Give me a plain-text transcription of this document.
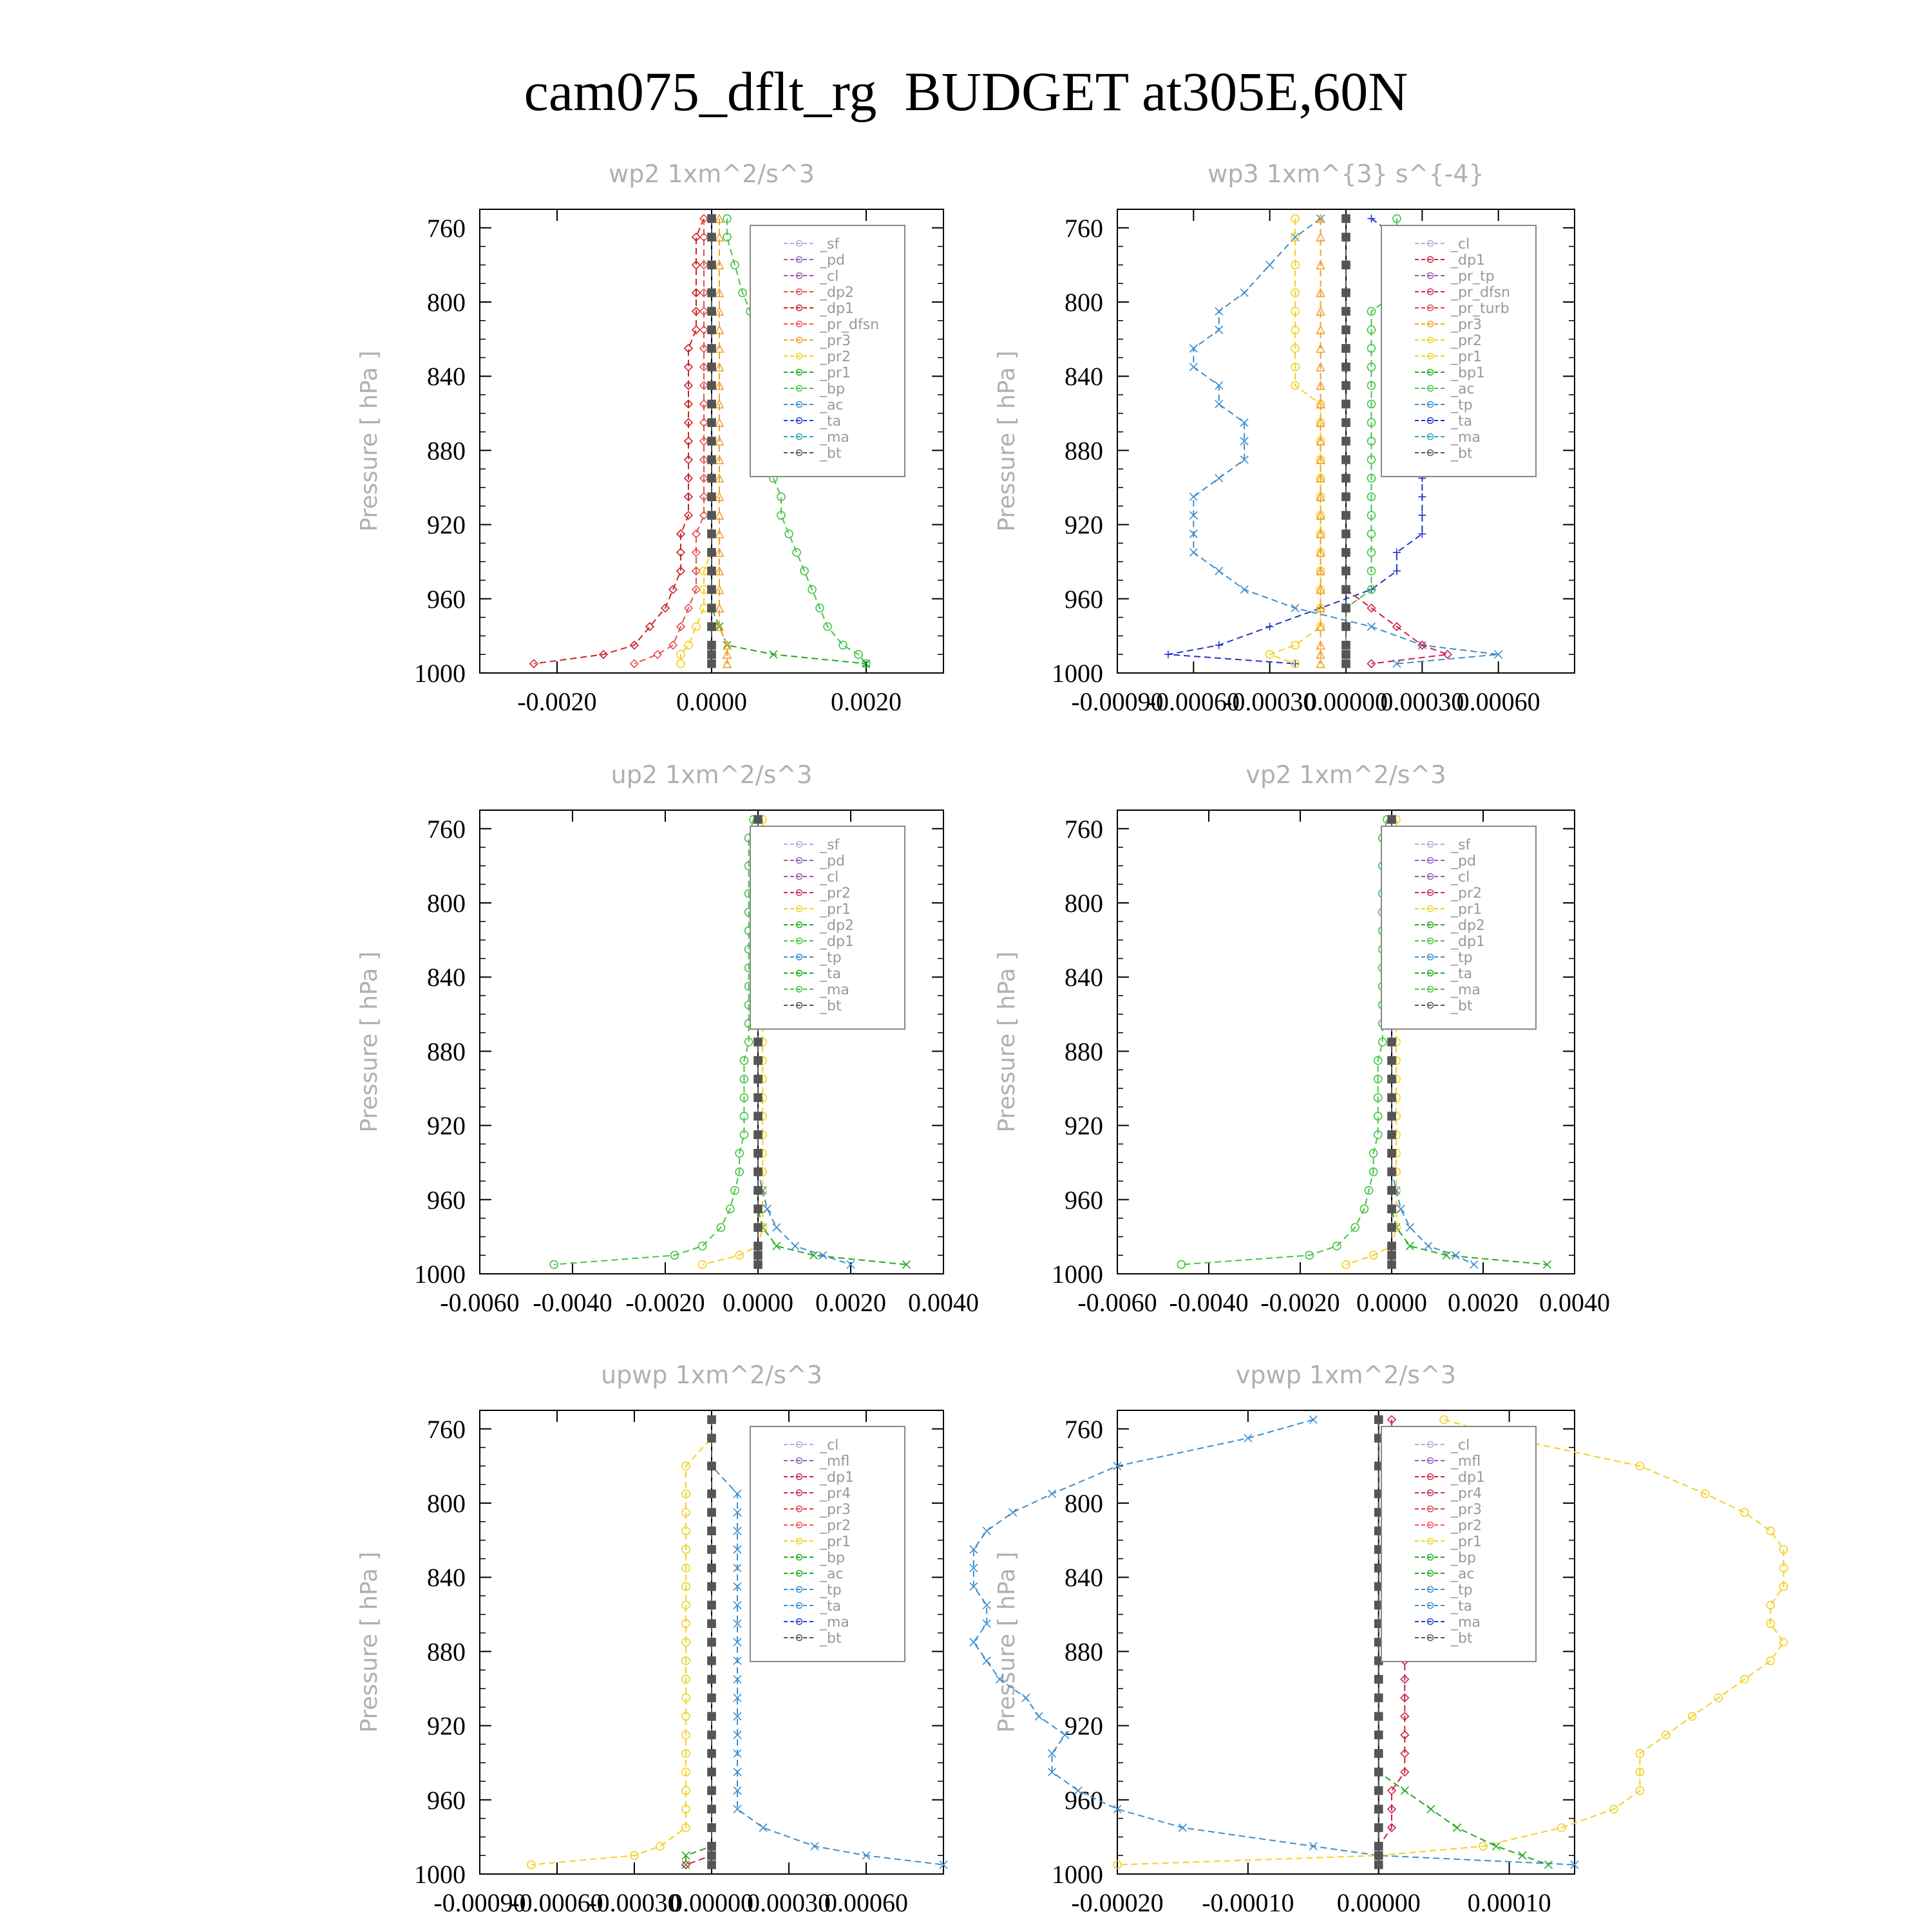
cam075_dflt_rg  BUDGET at305E,60N
wp2 1xm^2/s^3
Pressure [ hPa ]
760
800
840
880
920
960
1000
-0.0020	0.0000	0.0020
_sf
_pd
_cl
_dp2
_dp1
_pr_dfsn
_pr3
_pr2
_pr1
_bp
_ac
_ta
_ma
_bt
wp3 1xm^{3} s^{-4}
Pressure [ hPa ]
760
800
840
880
920
960
1000
-0.00090
-0.00060
-0.00030
0.00000
0.00030
0.00060
_cl
_dp1
_pr_tp
_pr_dfsn
_pr_turb
_pr3
_pr2
_pr1
_bp1
_ac
_tp
_ta
_ma
_bt
up2 1xm^2/s^3
Pressure [ hPa ]
760
800
840
880
920
960
1000
-0.0060 -0.0040 -0.0020 0.0000 0.0020 0.0040
_sf
_pd
_cl
_pr2
_pr1
_dp2
_dp1
_tp
_ta
_ma
_bt
vp2 1xm^2/s^3
Pressure [ hPa ]
760
800
840
880
920
960
1000
-0.0060 -0.0040 -0.0020 0.0000 0.0020 0.0040
_sf
_pd
_cl
_pr2
_pr1
_dp2
_dp1
_tp
_ta
_ma
_bt
upwp 1xm^2/s^3
Pressure [ hPa ]
760
800
840
880
920
960
1000
-0.00090
-0.00060
-0.00030
0.00000
0.00030
0.00060
_cl
_mfl
_dp1
_pr4
_pr3
_pr2
_pr1
_bp
_ac
_tp
_ta
_ma
_bt
vpwp 1xm^2/s^3
Pressure [ hPa ]
760
800
840
880
920
960
1000
-0.00020 -0.00010 0.00000 0.00010
_cl
_mfl
_dp1
_pr4
_pr3
_pr2
_pr1
_bp
_ac
_tp
_ta
_ma
_bt
